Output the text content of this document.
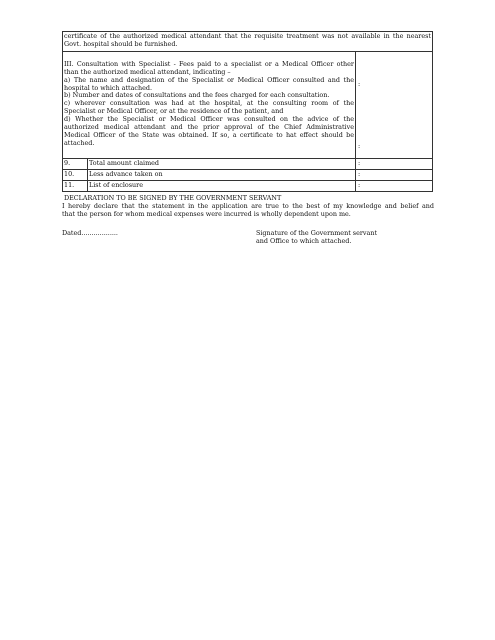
certificate of the authorized medical attendant that the requisite treatment was not available in the nearest
Govt. hospital should be furnished.
III. Consultation with Specialist - Fees paid to a specialist or a Medical Officer other
than the authorized medical attendant, indicating –
a) The name and designation of the Specialist or Medical Officer consulted and the
hospital to which attached.
b) Number and dates of consultations and the fees charged for each consultation.
c) wherever consultation was had at the hospital, at the consulting room of the
Specialist or Medical Officer, or at the residence of the patient, and
d) Whether the Specialist or Medical Officer was consulted on the advice of the
authorized medical attendant and the prior approval of the Chief Administrative
Medical Officer of the State was obtained. If so, a certificate to hat effect should be
attached.
:
:
9.	Total amount claimed	:
10.	Less advance taken on	:
11.	List of enclosure	:
DECLARATION TO BE SIGNED BY THE GOVERNMENT SERVANT
I hereby declare that the statement in the application are true to the best of my knowledge and belief and
that the person for whom medical expenses were incurred is wholly dependent upon me.
Dated..................	Signature of the Government servant
and Office to which attached.
